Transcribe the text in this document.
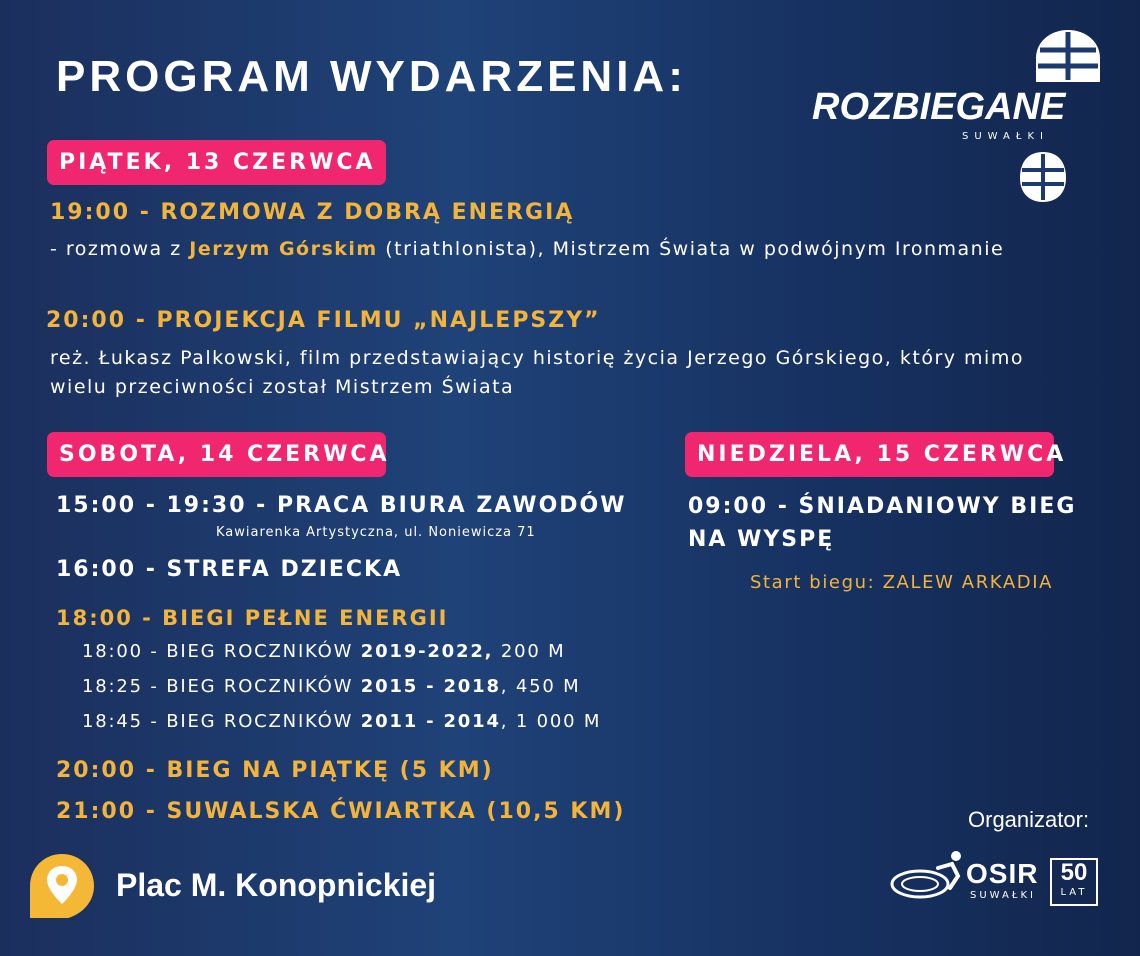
PROGRAM WYDARZENIA:
ROZBIEGANE
SUWAŁKI
PIĄTEK, 13 CZERWCA
19:00 - ROZMOWA Z DOBRĄ ENERGIĄ
- rozmowa z Jerzym Górskim (triathlonista), Mistrzem Świata w podwójnym Ironmanie
20:00 - PROJEKCJA FILMU „NAJLEPSZY”
reż. Łukasz Palkowski, film przedstawiający historię życia Jerzego Górskiego, który mimo wielu przeciwności został Mistrzem Świata
SOBOTA, 14 CZERWCA
15:00 - 19:30 - PRACA BIURA ZAWODÓW
Kawiarenka Artystyczna, ul. Noniewicza 71
16:00 - STREFA DZIECKA
18:00 - BIEGI PEŁNE ENERGII
18:00 - BIEG ROCZNIKÓW 2019-2022, 200 M
18:25 - BIEG ROCZNIKÓW 2015 - 2018, 450 M
18:45 - BIEG ROCZNIKÓW 2011 - 2014, 1 000 M
20:00 - BIEG NA PIĄTKĘ (5 KM)
21:00 - SUWALSKA ĆWIARTKA (10,5 KM)
NIEDZIELA, 15 CZERWCA
09:00 - ŚNIADANIOWY BIEG
NA WYSPĘ
Start biegu: ZALEW ARKADIA
Plac M. Konopnickiej
Organizator:
OSIR
SUWAŁKI
50
LAT
